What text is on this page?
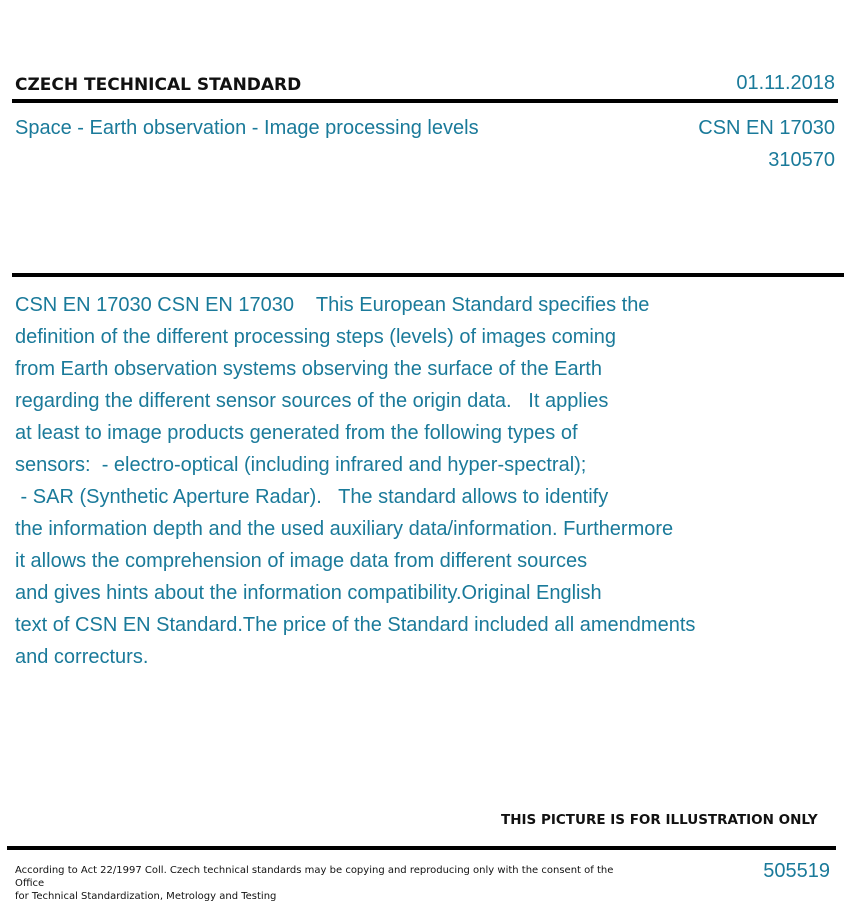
CZECH TECHNICAL STANDARD	01.11.2018
Space - Earth observation - Image processing levels	CSN EN 17030
310570
CSN EN 17030 CSN EN 17030    This European Standard specifies the
definition of the different processing steps (levels) of images coming
from Earth observation systems observing the surface of the Earth
regarding the different sensor sources of the origin data.   It applies
at least to image products generated from the following types of
sensors:  - electro-optical (including infrared and hyper-spectral);
- SAR (Synthetic Aperture Radar).   The standard allows to identify
the information depth and the used auxiliary data/information. Furthermore
it allows the comprehension of image data from different sources
and gives hints about the information compatibility.Original English
text of CSN EN Standard.The price of the Standard included all amendments
and correcturs.
THIS PICTURE IS FOR ILLUSTRATION ONLY
According to Act 22/1997 Coll. Czech technical standards may be copying and reproducing only with the consent of the Office
for Technical Standardization, Metrology and Testing
505519
